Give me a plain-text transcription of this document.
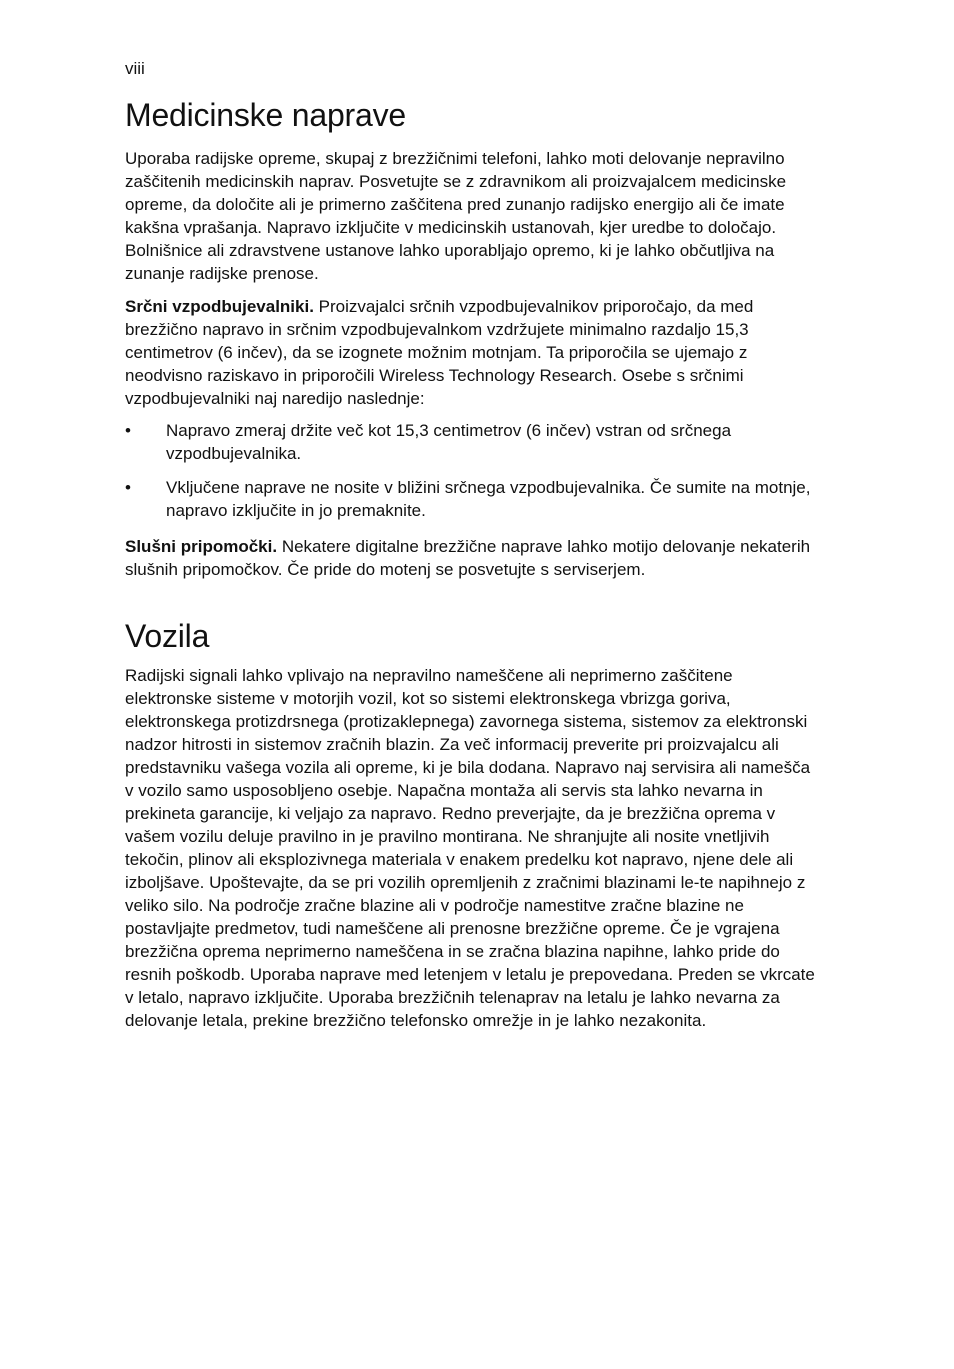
viii
Medicinske naprave

Uporaba radijske opreme, skupaj z brezžičnimi telefoni, lahko moti delovanje nepravilno zaščitenih medicinskih naprav. Posvetujte se z zdravnikom ali proizvajalcem medicinske opreme, da določite ali je primerno zaščitena pred zunanjo radijsko energijo ali če imate kakšna vprašanja. Napravo izključite v medicinskih ustanovah, kjer uredbe to določajo. Bolnišnice ali zdravstvene ustanove lahko uporabljajo opremo, ki je lahko občutljiva na zunanje radijske prenose.

Srčni vzpodbujevalniki. Proizvajalci srčnih vzpodbujevalnikov priporočajo, da med brezžično napravo in srčnim vzpodbujevalnkom vzdržujete minimalno razdaljo 15,3 centimetrov (6 inčev), da se izognete možnim motnjam. Ta priporočila se ujemajo z neodvisno raziskavo in priporočili Wireless Technology Research. Osebe s srčnimi vzpodbujevalniki naj naredijo naslednje:

• Napravo zmeraj držite več kot 15,3 centimetrov (6 inčev) vstran od srčnega vzpodbujevalnika.
• Vključene naprave ne nosite v bližini srčnega vzpodbujevalnika. Če sumite na motnje, napravo izključite in jo premaknite.

Slušni pripomočki. Nekatere digitalne brezžične naprave lahko motijo delovanje nekaterih slušnih pripomočkov. Če pride do motenj se posvetujte s serviserjem.

Vozila

Radijski signali lahko vplivajo na nepravilno nameščene ali neprimerno zaščitene elektronske sisteme v motorjih vozil, kot so sistemi elektronskega vbrizga goriva, elektronskega protizdrsnega (protizaklepnega) zavornega sistema, sistemov za elektronski nadzor hitrosti in sistemov zračnih blazin. Za več informacij preverite pri proizvajalcu ali predstavniku vašega vozila ali opreme, ki je bila dodana. Napravo naj servisira ali namešča v vozilo samo usposobljeno osebje. Napačna montaža ali servis sta lahko nevarna in prekineta garancije, ki veljajo za napravo. Redno preverjajte, da je brezžična oprema v vašem vozilu deluje pravilno in je pravilno montirana. Ne shranjujte ali nosite vnetljivih tekočin, plinov ali eksplozivnega materiala v enakem predelku kot napravo, njene dele ali izboljšave. Upoštevajte, da se pri vozilih opremljenih z zračnimi blazinami le-te napihnejo z veliko silo. Na področje zračne blazine ali v področje namestitve zračne blazine ne postavljajte predmetov, tudi nameščene ali prenosne brezžične opreme. Če je vgrajena brezžična oprema neprimerno nameščena in se zračna blazina napihne, lahko pride do resnih poškodb. Uporaba naprave med letenjem v letalu je prepovedana. Preden se vkrcate v letalo, napravo izključite. Uporaba brezžičnih telenaprav na letalu je lahko nevarna za delovanje letala, prekine brezžično telefonsko omrežje in je lahko nezakonita.
